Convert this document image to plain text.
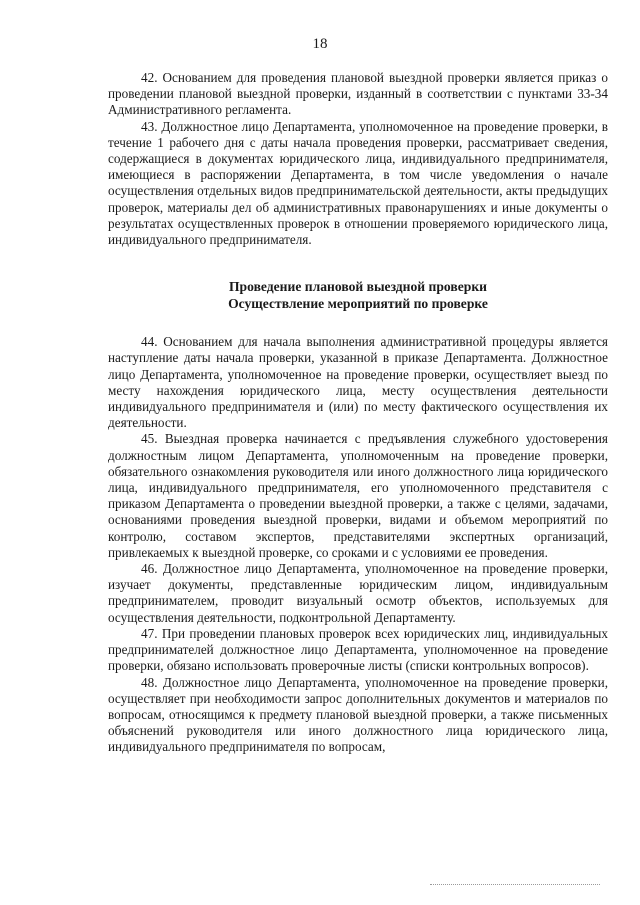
18

42. Основанием для проведения плановой выездной проверки является приказ о проведении плановой выездной проверки, изданный в соответствии с пунктами 33-34 Административного регламента.

43. Должностное лицо Департамента, уполномоченное на проведение проверки, в течение 1 рабочего дня с даты начала проведения проверки, рассматривает сведения, содержащиеся в документах юридического лица, индивидуального предпринимателя, имеющиеся в распоряжении Департамента, в том числе уведомления о начале осуществления отдельных видов предпринимательской деятельности, акты предыдущих проверок, материалы дел об административных правонарушениях и иные документы о результатах осуществленных проверок в отношении проверяемого юридического лица, индивидуального предпринимателя.

Проведение плановой выездной проверки
Осуществление мероприятий по проверке

44. Основанием для начала выполнения административной процедуры является наступление даты начала проверки, указанной в приказе Департамента. Должностное лицо Департамента, уполномоченное на проведение проверки, осуществляет выезд по месту нахождения юридического лица, месту осуществления деятельности индивидуального предпринимателя и (или) по месту фактического осуществления их деятельности.

45. Выездная проверка начинается с предъявления служебного удостоверения должностным лицом Департамента, уполномоченным на проведение проверки, обязательного ознакомления руководителя или иного должностного лица юридического лица, индивидуального предпринимателя, его уполномоченного представителя с приказом Департамента о проведении выездной проверки, а также с целями, задачами, основаниями проведения выездной проверки, видами и объемом мероприятий по контролю, составом экспертов, представителями экспертных организаций, привлекаемых к выездной проверке, со сроками и с условиями ее проведения.

46. Должностное лицо Департамента, уполномоченное на проведение проверки, изучает документы, представленные юридическим лицом, индивидуальным предпринимателем, проводит визуальный осмотр объектов, используемых для осуществления деятельности, подконтрольной Департаменту.

47. При проведении плановых проверок всех юридических лиц, индивидуальных предпринимателей должностное лицо Департамента, уполномоченное на проведение проверки, обязано использовать проверочные листы (списки контрольных вопросов).

48. Должностное лицо Департамента, уполномоченное на проведение проверки, осуществляет при необходимости запрос дополнительных документов и материалов по вопросам, относящимся к предмету плановой выездной проверки, а также письменных объяснений руководителя или иного должностного лица юридического лица, индивидуального предпринимателя по вопросам,
